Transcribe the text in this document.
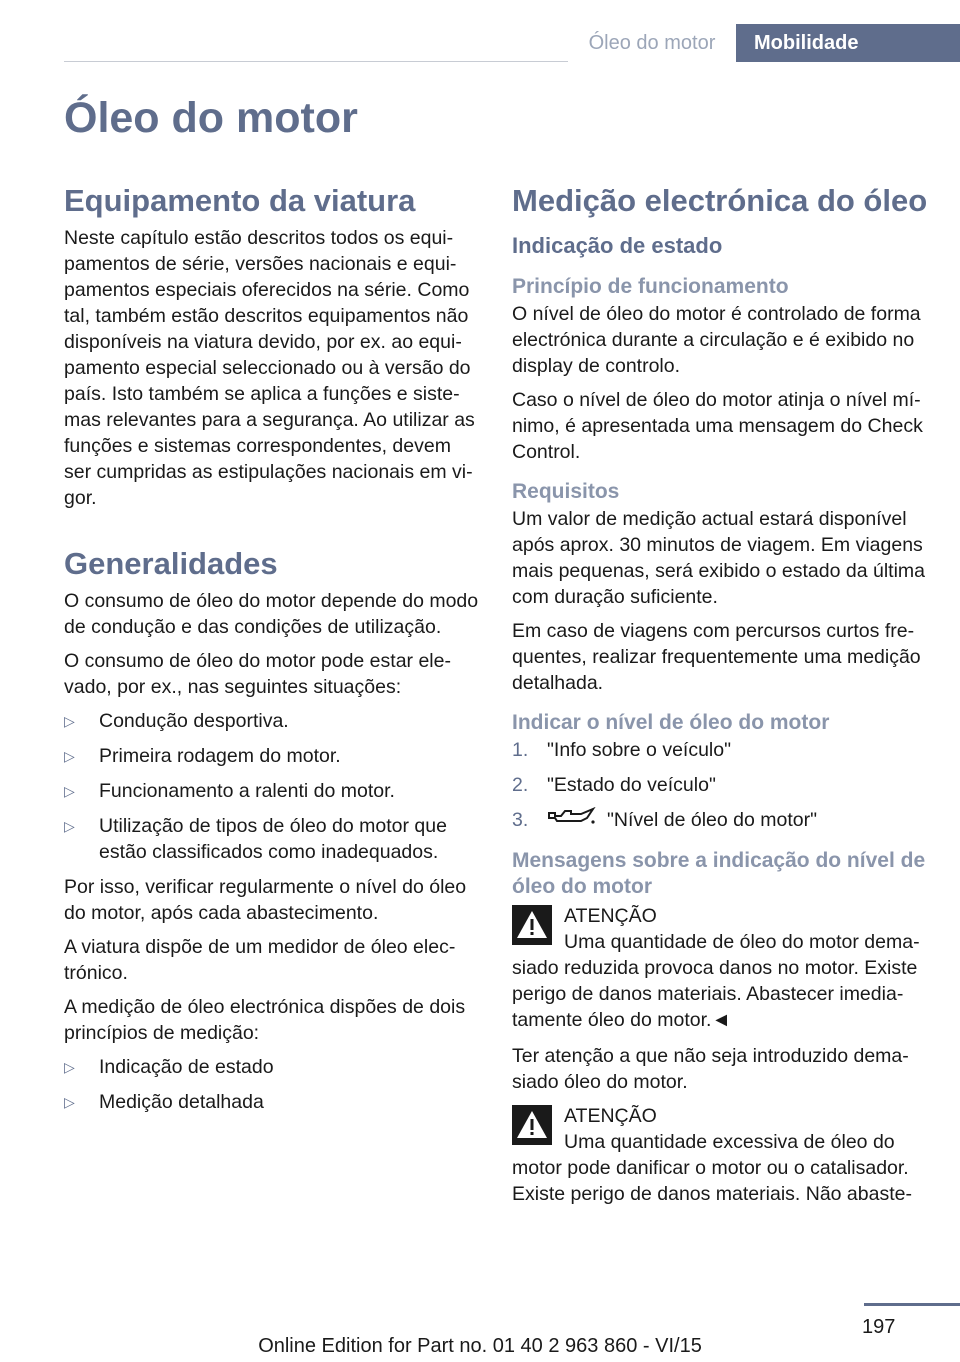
Óleo do motor	Mobilidade
Óleo do motor
Equipamento da viatura

Neste capítulo estão descritos todos os equipamentos de série, versões nacionais e equipamentos especiais oferecidos na série. Como tal, também estão descritos equipamentos não disponíveis na viatura devido, por ex. ao equipamento especial seleccionado ou à versão do país. Isto também se aplica a funções e sistemas relevantes para a segurança. Ao utilizar as funções e sistemas correspondentes, devem ser cumpridas as estipulações nacionais em vigor.

Generalidades

O consumo de óleo do motor depende do modo de condução e das condições de utilização.

O consumo de óleo do motor pode estar elevado, por ex., nas seguintes situações:

▷ Condução desportiva.
▷ Primeira rodagem do motor.
▷ Funcionamento a ralenti do motor.
▷ Utilização de tipos de óleo do motor que estão classificados como inadequados.

Por isso, verificar regularmente o nível do óleo do motor, após cada abastecimento.

A viatura dispõe de um medidor de óleo electrónico.

A medição de óleo electrónica dispões de dois princípios de medição:

▷ Indicação de estado
▷ Medição detalhada
Medição electrónica do óleo
Indicação de estado
Princípio de funcionamento

O nível de óleo do motor é controlado de forma electrónica durante a circulação e é exibido no display de controlo.

Caso o nível de óleo do motor atinja o nível mínimo, é apresentada uma mensagem do Check Control.

Requisitos

Um valor de medição actual estará disponível após aprox. 30 minutos de viagem. Em viagens mais pequenas, será exibido o estado da última com duração suficiente.

Em caso de viagens com percursos curtos frequentes, realizar frequentemente uma medição detalhada.

Indicar o nível de óleo do motor
1. "Info sobre o veículo"
2. "Estado do veículo"
3.	"Nível de óleo do motor"
Mensagens sobre a indicação do nível de óleo do motor

ATENÇÃO

Uma quantidade de óleo do motor demasiado reduzida provoca danos no motor. Existe perigo de danos materiais. Abastecer imediatamente óleo do motor.◄

Ter atenção a que não seja introduzido demasiado óleo do motor.

ATENÇÃO

Uma quantidade excessiva de óleo do motor pode danificar o motor ou o catalisador. Existe perigo de danos materiais. Não abaste-

197
Online Edition for Part no. 01 40 2 963 860 - VI/15
